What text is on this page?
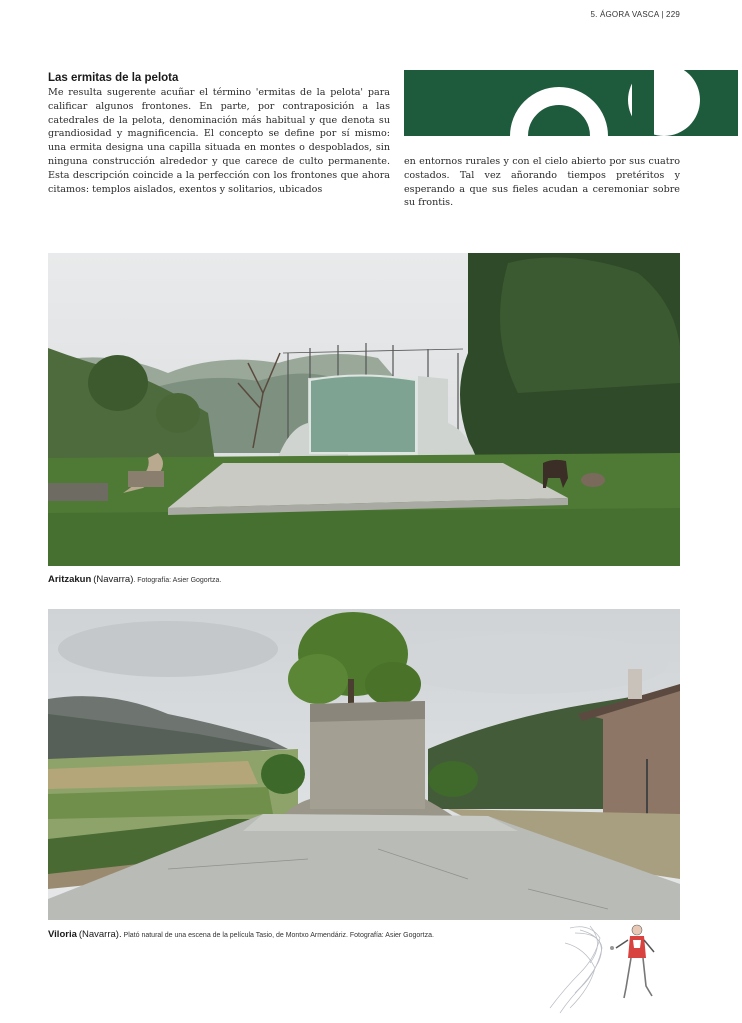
5. ÁGORA VASCA | 229
Las ermitas de la pelota

Me resulta sugerente acuñar el término 'ermitas de la pelota' para calificar algunos frontones. En parte, por contraposición a las catedrales de la pelota, denominación más habitual y que denota su grandiosidad y magnificencia. El concepto se define por sí mismo: una ermita designa una capilla situada en montes o despoblados, sin ninguna construcción alrededor y que carece de culto permanente. Esta descripción coincide a la perfección con los frontones que ahora citamos: templos aislados, exentos y solitarios, ubicados

en entornos rurales y con el cielo abierto por sus cuatro costados. Tal vez añorando tiempos pretéritos y esperando a que sus fieles acudan a ceremoniar sobre su frontis.

Aritzakun (Navarra). Fotografía: Asier Gogortza.
Viloria (Navarra). Plató natural de una escena de la película Tasio, de Montxo Armendáriz. Fotografía: Asier Gogortza.
